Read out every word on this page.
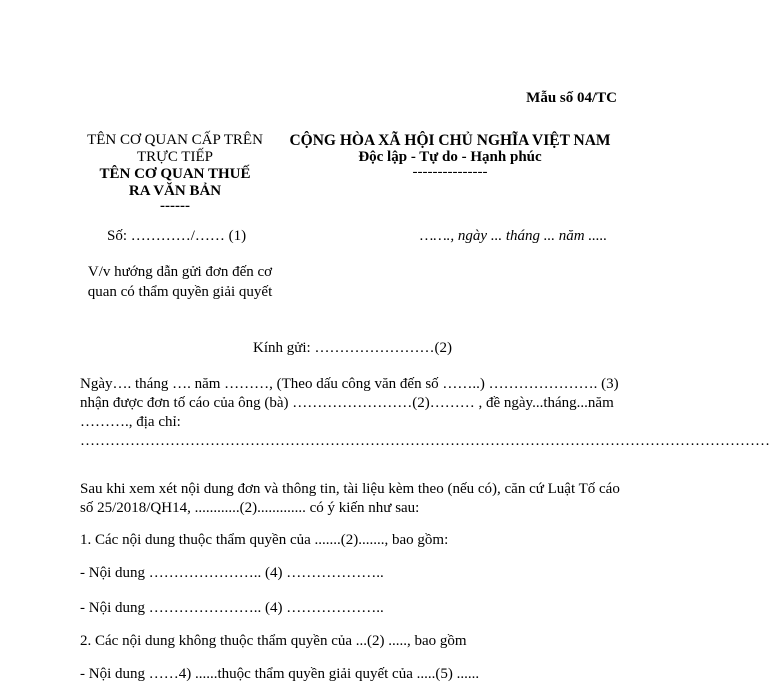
Mẫu số 04/TC
TÊN CƠ QUAN CẤP TRÊN
TRỰC TIẾP
TÊN CƠ QUAN THUẾ
RA VĂN BẢN
------
CỘNG HÒA XÃ HỘI CHỦ NGHĨA VIỆT NAM
Độc lập - Tự do - Hạnh phúc
---------------
Số: …………/…… (1)	……., ngày ... tháng ... năm .....
V/v hướng dẫn gửi đơn đến cơ quan có thẩm quyền giải quyết
Kính gửi: ……………………(2)
Ngày…. tháng …. năm ………, (Theo dấu công văn đến số ……..) …………………. (3) nhận được đơn tố cáo của ông (bà) ……………………(2)……… , đề ngày...tháng...năm ………., địa chỉ: …………………………………………………………………………………………………………………………
Sau khi xem xét nội dung đơn và thông tin, tài liệu kèm theo (nếu có), căn cứ Luật Tố cáo số 25/2018/QH14, ............(2)............. có ý kiến như sau:
1. Các nội dung thuộc thẩm quyền của .......(2)......., bao gồm:
- Nội dung ………………….. (4) ………………..
- Nội dung ………………….. (4) ………………..
2. Các nội dung không thuộc thẩm quyền của ...(2) ....., bao gồm
- Nội dung ……4) ......thuộc thẩm quyền giải quyết của .....(5) ......
